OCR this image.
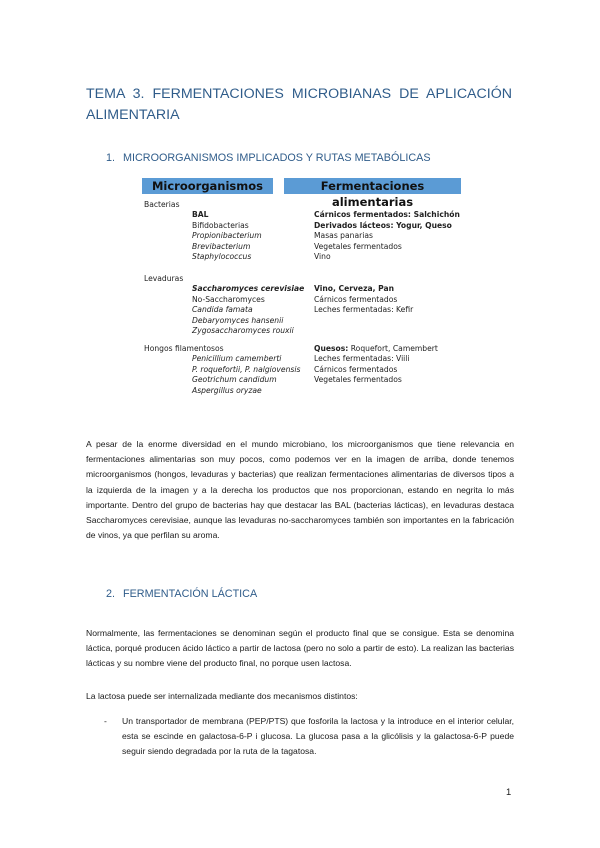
TEMA 3. FERMENTACIONES MICROBIANAS DE APLICACIÓN ALIMENTARIA
1. MICROORGANISMOS IMPLICADOS Y RUTAS METABÓLICAS
Microorganismos	Fermentaciones alimentarias
Bacterias
BAL
Bifidobacterias
Propionibacterium
Brevibacterium
Staphylococcus
Cárnicos fermentados: Salchichón
Derivados lácteos: Yogur, Queso
Masas panarias
Vegetales fermentados
Vino
Levaduras
Saccharomyces cerevisiae
No-Saccharomyces
Candida famata
Debaryomyces hansenii
Zygosaccharomyces rouxii
Vino, Cerveza, Pan
Cárnicos fermentados
Leches fermentadas: Kefir
Hongos filamentosos
Penicillium camemberti
P. roquefortii, P. nalgiovensis
Geotrichum candidum
Aspergillus oryzae
Quesos: Roquefort, Camembert
Leches fermentadas: Viili
Cárnicos fermentados
Vegetales fermentados
A pesar de la enorme diversidad en el mundo microbiano, los microorganismos que tiene relevancia en fermentaciones alimentarias son muy pocos, como podemos ver en la imagen de arriba, donde tenemos microorganismos (hongos, levaduras y bacterias) que realizan fermentaciones alimentarias de diversos tipos a la izquierda de la imagen y a la derecha los productos que nos proporcionan, estando en negrita lo más importante. Dentro del grupo de bacterias hay que destacar las BAL (bacterias lácticas), en levaduras destaca Saccharomyces cerevisiae, aunque las levaduras no-saccharomyces también son importantes en la fabricación de vinos, ya que perfilan su aroma.
2. FERMENTACIÓN LÁCTICA
Normalmente, las fermentaciones se denominan según el producto final que se consigue. Esta se denomina láctica, porqué producen ácido láctico a partir de lactosa (pero no solo a partir de esto). La realizan las bacterias lácticas y su nombre viene del producto final, no porque usen lactosa.
La lactosa puede ser internalizada mediante dos mecanismos distintos:
- Un transportador de membrana (PEP/PTS) que fosforila la lactosa y la introduce en el interior celular, esta se escinde en galactosa-6-P i glucosa. La glucosa pasa a la glicólisis y la galactosa-6-P puede seguir siendo degradada por la ruta de la tagatosa.
1
